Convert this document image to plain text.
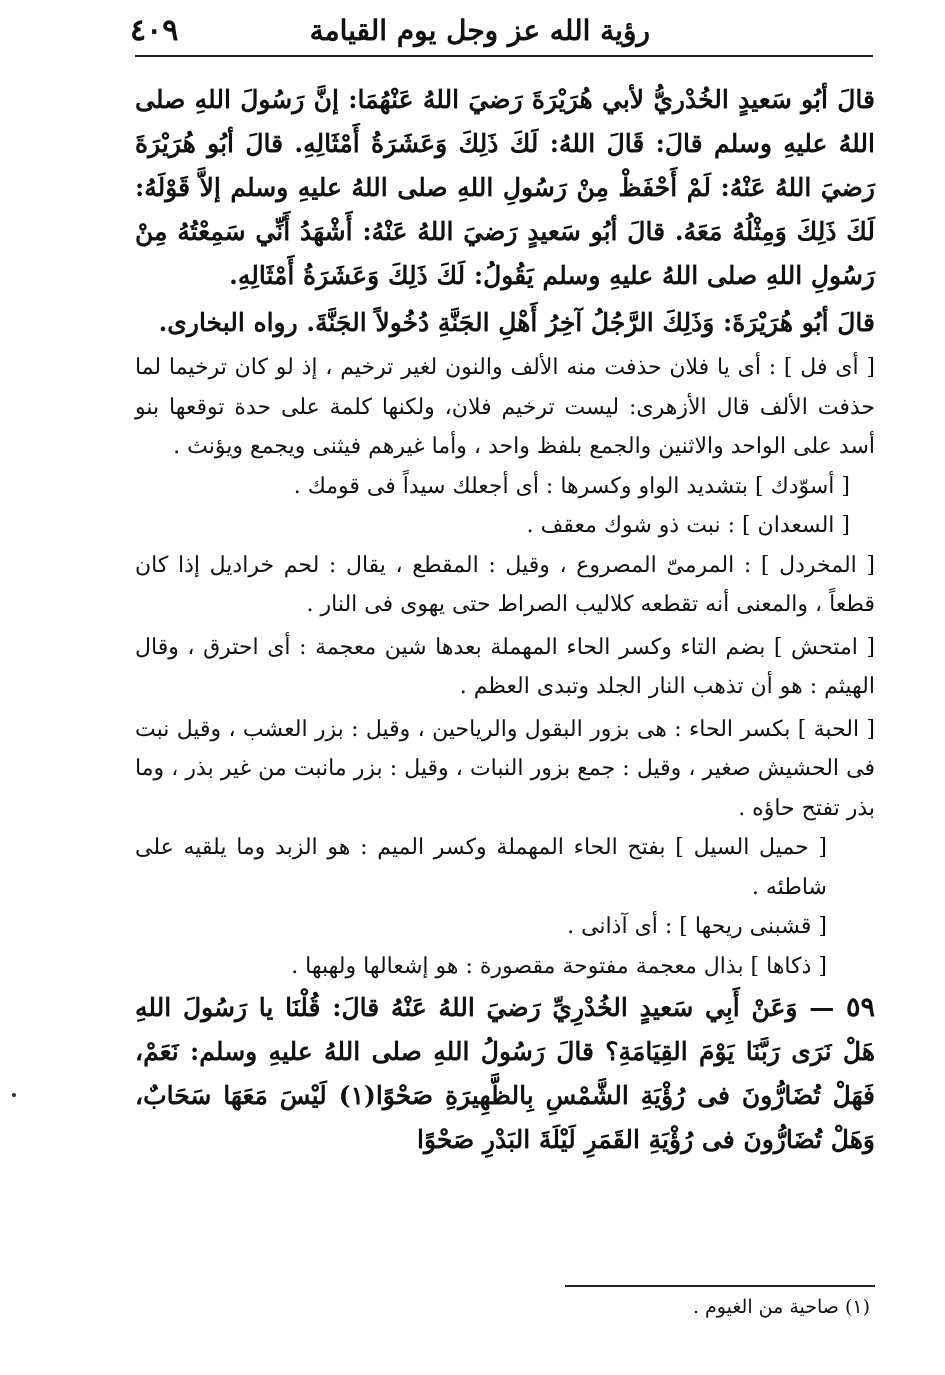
رؤية الله عز وجل يوم القيامة
٤٠٩

قالَ أبُو سَعيدٍ الخُدْريُّ لأبي هُرَيْرَةَ رَضيَ اللهُ عَنْهُمَا: إنَّ رَسُولَ اللهِ صلى اللهُ عليهِ وسلم قالَ: قَالَ اللهُ: لَكَ ذَلِكَ وَعَشَرَةُ أَمْثَالِهِ. قالَ أبُو هُرَيْرَةَ رَضيَ اللهُ عَنْهُ: لَمْ أَحْفَظْ مِنْ رَسُولِ اللهِ صلى اللهُ عليهِ وسلم إلاَّ قَوْلَهُ: لَكَ ذَلِكَ وَمِثْلُهُ مَعَهُ. قالَ أبُو سَعيدٍ رَضيَ اللهُ عَنْهُ: أَشْهَدُ أَنِّي سَمِعْتُهُ مِنْ رَسُولِ اللهِ صلى اللهُ عليهِ وسلم يَقُولُ: لَكَ ذَلِكَ وَعَشَرَةُ أَمْثَالِهِ.

قالَ أبُو هُرَيْرَةَ: وَذَلِكَ الرَّجُلُ آخِرُ أَهْلِ الجَنَّةِ دُخُولاً الجَنَّةَ. رواه البخارى.

[ أى فل ] : أى يا فلان حذفت منه الألف والنون لغير ترخيم ، إذ لو كان ترخيما لما حذفت الألف قال الأزهرى: ليست ترخيم فلان، ولكنها كلمة على حدة توقعها بنو أسد على الواحد والاثنين والجمع بلفظ واحد ، وأما غيرهم فيثنى ويجمع ويؤنث .

[ أسوّدك ] بتشديد الواو وكسرها : أى أجعلك سيداً فى قومك .

[ السعدان ] : نبت ذو شوك معقف .

[ المخردل ] : المرمىّ المصروع ، وقيل : المقطع ، يقال : لحم خراديل إذا كان قطعاً ، والمعنى أنه تقطعه كلاليب الصراط حتى يهوى فى النار .

[ امتحش ] بضم التاء وكسر الحاء المهملة بعدها شين معجمة : أى احترق ، وقال الهيثم : هو أن تذهب النار الجلد وتبدى العظم .

[ الحبة ] بكسر الحاء : هى بزور البقول والرياحين ، وقيل : بزر العشب ، وقيل نبت فى الحشيش صغير ، وقيل : جمع بزور النبات ، وقيل : بزر مانبت من غير بذر ، وما بذر تفتح حاؤه .

[ حميل السيل ] بفتح الحاء المهملة وكسر الميم : هو الزبد وما يلقيه على شاطئه .

[ قشبنى ريحها ] : أى آذانى .

[ ذكاها ] بذال معجمة مفتوحة مقصورة : هو إشعالها ولهبها .

٥٩ — وَعَنْ أَبِي سَعيدٍ الخُدْرِيِّ رَضيَ اللهُ عَنْهُ قالَ: قُلْنَا يا رَسُولَ اللهِ هَلْ نَرَى رَبَّنَا يَوْمَ القِيَامَةِ؟ قالَ رَسُولُ اللهِ صلى اللهُ عليهِ وسلم: نَعَمْ، فَهَلْ تُضَارُّونَ فى رُؤْيَةِ الشَّمْسِ بِالظَّهِيرَةِ صَحْوًا(١) لَيْسَ مَعَهَا سَحَابٌ، وَهَلْ تُضَارُّونَ فى رُؤْيَةِ القَمَرِ لَيْلَةَ البَدْرِ صَحْوًا

(١) صاحية من الغيوم .
